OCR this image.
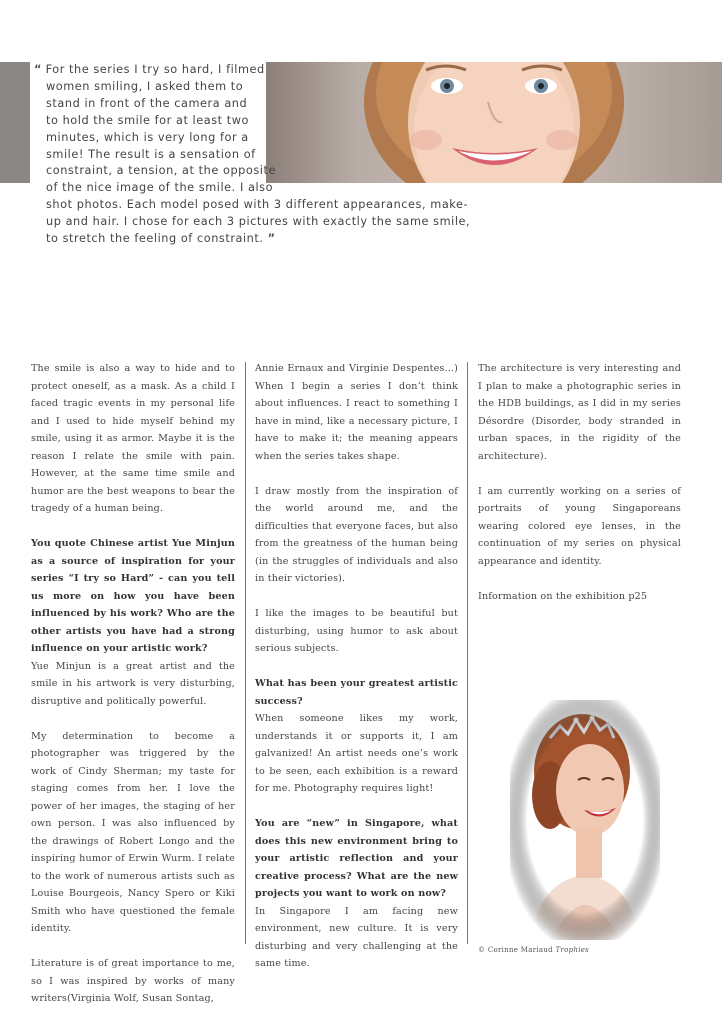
“ For the series I try so hard, I filmed
women smiling, I asked them to
stand in front of the camera and
to hold the smile for at least two
minutes, which is very long for a
smile! The result is a sensation of
constraint, a tension, at the opposite
of the nice image of the smile. I also
shot photos. Each model posed with 3 different appearances, make-
up and hair. I chose for each 3 pictures with exactly the same smile,
to stretch the feeling of constraint. ”

The smile is also a way to hide and to protect oneself, as a mask. As a child I faced tragic events in my personal life and I used to hide myself behind my smile, using it as armor. Maybe it is the reason I relate the smile with pain. However, at the same time smile and humor are the best weapons to bear the tragedy of a human being.

You quote Chinese artist Yue Minjun as a source of inspiration for your series “I try so Hard” - can you tell us more on how you have been influenced by his work? Who are the other artists you have had a strong influence on your artistic work?

Yue Minjun is a great artist and the smile in his artwork is very disturbing, disruptive and politically powerful.

My determination to become a photographer was triggered by the work of Cindy Sherman; my taste for staging comes from her. I love the power of her images, the staging of her own person. I was also influenced by the drawings of Robert Longo and the inspiring humor of Erwin Wurm. I relate to the work of numerous artists such as Louise Bourgeois, Nancy Spero or Kiki Smith who have questioned the female identity.

Literature is of great importance to me, so I was inspired by works of many writers(Virginia Wolf, Susan Sontag,

Annie Ernaux and Virginie Despentes...) When I begin a series I don’t think about influences. I react to something I have in mind, like a necessary picture, I have to make it; the meaning appears when the series takes shape.

I draw mostly from the inspiration of the world around me, and the difficulties that everyone faces, but also from the greatness of the human being (in the struggles of individuals and also in their victories).

I like the images to be beautiful but disturbing, using humor to ask about serious subjects.

What has been your greatest artistic success?

When someone likes my work, understands it or supports it, I am galvanized! An artist needs one’s work to be seen, each exhibition is a reward for me. Photography requires light!

You are “new” in Singapore, what does this new environment bring to your artistic reflection and your creative process? What are the new projects you want to work on now?

In Singapore I am facing new environment, new culture. It is very disturbing and very challenging at the same time.

The architecture is very interesting and I plan to make a photographic series in the HDB buildings, as I did in my series Désordre (Disorder, body stranded in urban spaces, in the rigidity of the architecture).

I am currently working on a series of portraits of young Singaporeans wearing colored eye lenses, in the continuation of my series on physical appearance and identity.

Information on the exhibition p25

© Corinne Mariaud Trophies
